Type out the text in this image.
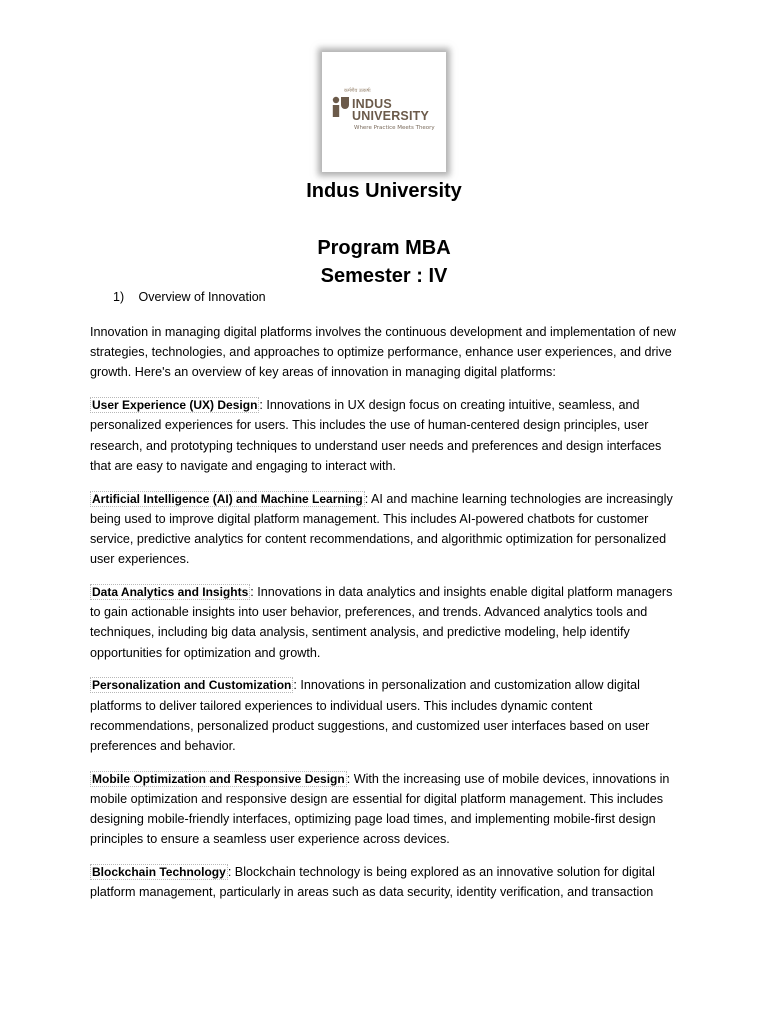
कर्मणैव उत्कर्षः
INDUS
UNIVERSITY
Where Practice Meets Theory
Indus University
Program MBA
Semester : IV
1) Overview of Innovation

Innovation in managing digital platforms involves the continuous development and implementation of new strategies, technologies, and approaches to optimize performance, enhance user experiences, and drive growth. Here's an overview of key areas of innovation in managing digital platforms:

User Experience (UX) Design : Innovations in UX design focus on creating intuitive, seamless, and personalized experiences for users. This includes the use of human-centered design principles, user research, and prototyping techniques to understand user needs and preferences and design interfaces that are easy to navigate and engaging to interact with.

Artificial Intelligence (AI) and Machine Learning : AI and machine learning technologies are increasingly being used to improve digital platform management. This includes AI-powered chatbots for customer service, predictive analytics for content recommendations, and algorithmic optimization for personalized user experiences.

Data Analytics and Insights : Innovations in data analytics and insights enable digital platform managers to gain actionable insights into user behavior, preferences, and trends. Advanced analytics tools and techniques, including big data analysis, sentiment analysis, and predictive modeling, help identify opportunities for optimization and growth.

Personalization and Customization : Innovations in personalization and customization allow digital platforms to deliver tailored experiences to individual users. This includes dynamic content recommendations, personalized product suggestions, and customized user interfaces based on user preferences and behavior.

Mobile Optimization and Responsive Design : With the increasing use of mobile devices, innovations in mobile optimization and responsive design are essential for digital platform management. This includes designing mobile-friendly interfaces, optimizing page load times, and implementing mobile-first design principles to ensure a seamless user experience across devices.

Blockchain Technology : Blockchain technology is being explored as an innovative solution for digital platform management, particularly in areas such as data security, identity verification, and transaction
